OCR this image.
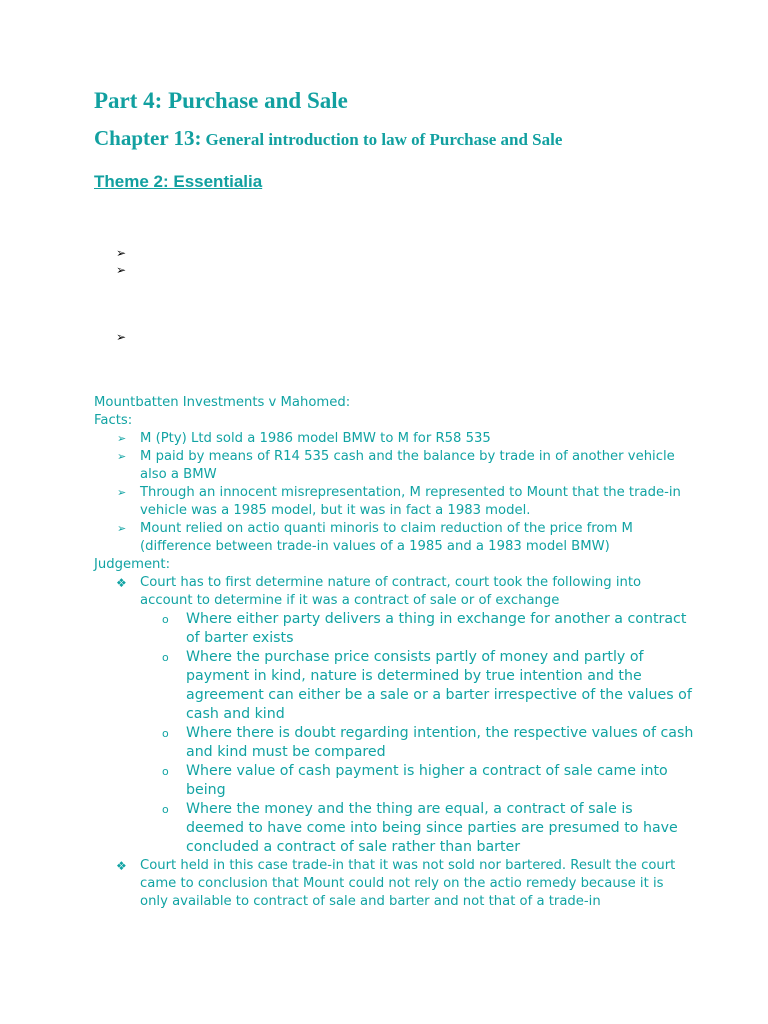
Part 4: Purchase and Sale
Chapter 13: General introduction to law of Purchase and Sale
Theme 2: Essentialia
➢
➢
➢

Mountbatten Investments v Mahomed:

Facts:

➢ M (Pty) Ltd sold a 1986 model BMW to M for R58 535
➢ M paid by means of R14 535 cash and the balance by trade in of another vehicle also a BMW
➢ Through an innocent misrepresentation, M represented to Mount that the trade-in vehicle was a 1985 model, but it was in fact a 1983 model.
➢ Mount relied on actio quanti minoris to claim reduction of the price from M (difference between trade-in values of a 1985 and a 1983 model BMW)

Judgement:

❖ Court has to first determine nature of contract, court took the following into account to determine if it was a contract of sale or of exchange
o Where either party delivers a thing in exchange for another a contract of barter exists
o Where the purchase price consists partly of money and partly of payment in kind, nature is determined by true intention and the agreement can either be a sale or a barter irrespective of the values of cash and kind
o Where there is doubt regarding intention, the respective values of cash and kind must be compared
o Where value of cash payment is higher a contract of sale came into being
o Where the money and the thing are equal, a contract of sale is deemed to have come into being since parties are presumed to have concluded a contract of sale rather than barter
❖ Court held in this case trade-in that it was not sold nor bartered. Result the court came to conclusion that Mount could not rely on the actio remedy because it is only available to contract of sale and barter and not that of a trade-in
